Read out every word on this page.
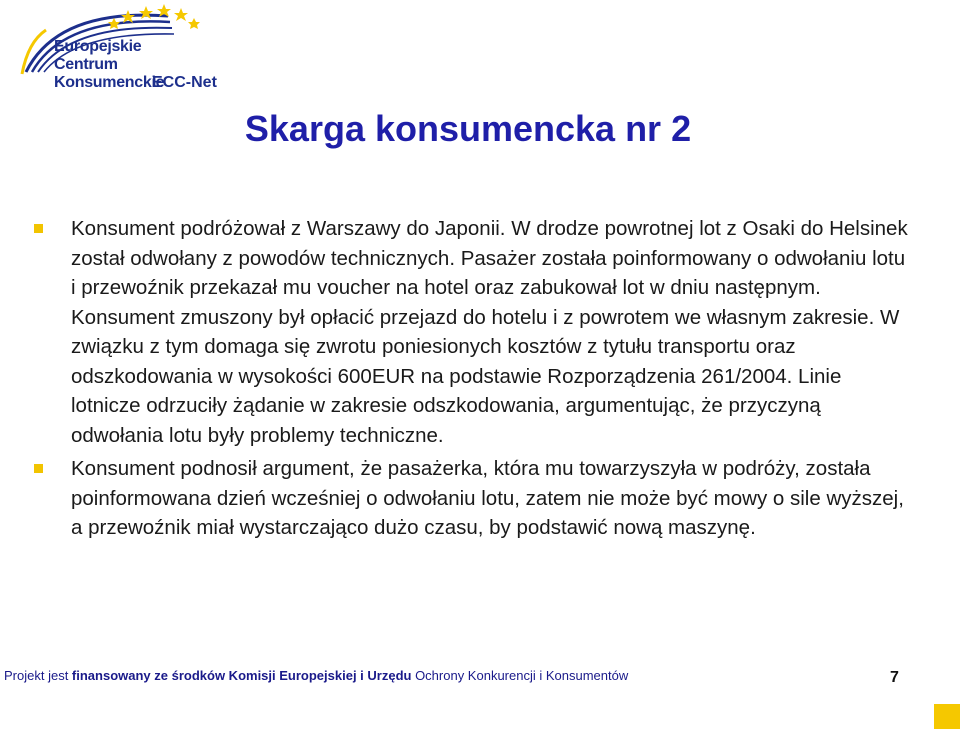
Europejskie
Centrum
Konsumenckie
ECC-Net
Skarga konsumencka nr 2
Konsument podróżował z Warszawy do Japonii. W drodze powrotnej lot z Osaki do Helsinek został odwołany z powodów technicznych. Pasażer została poinformowany o odwołaniu lotu i przewoźnik przekazał mu voucher na hotel oraz zabukował lot w dniu następnym. Konsument zmuszony był opłacić przejazd do hotelu i z powrotem we własnym zakresie. W związku z tym domaga się zwrotu poniesionych kosztów z tytułu transportu oraz odszkodowania w wysokości 600EUR na podstawie Rozporządzenia 261/2004. Linie lotnicze odrzuciły żądanie w zakresie odszkodowania, argumentując, że przyczyną odwołania lotu były problemy techniczne.
Konsument podnosił argument, że pasażerka, która mu towarzyszyła w podróży, została poinformowana dzień wcześniej o odwołaniu lotu, zatem nie może być mowy o sile wyższej, a przewoźnik miał wystarczająco dużo czasu, by podstawić nową maszynę.
Projekt jest finansowany ze środków Komisji Europejskiej i Urzędu Ochrony Konkurencji i Konsumentów	7
